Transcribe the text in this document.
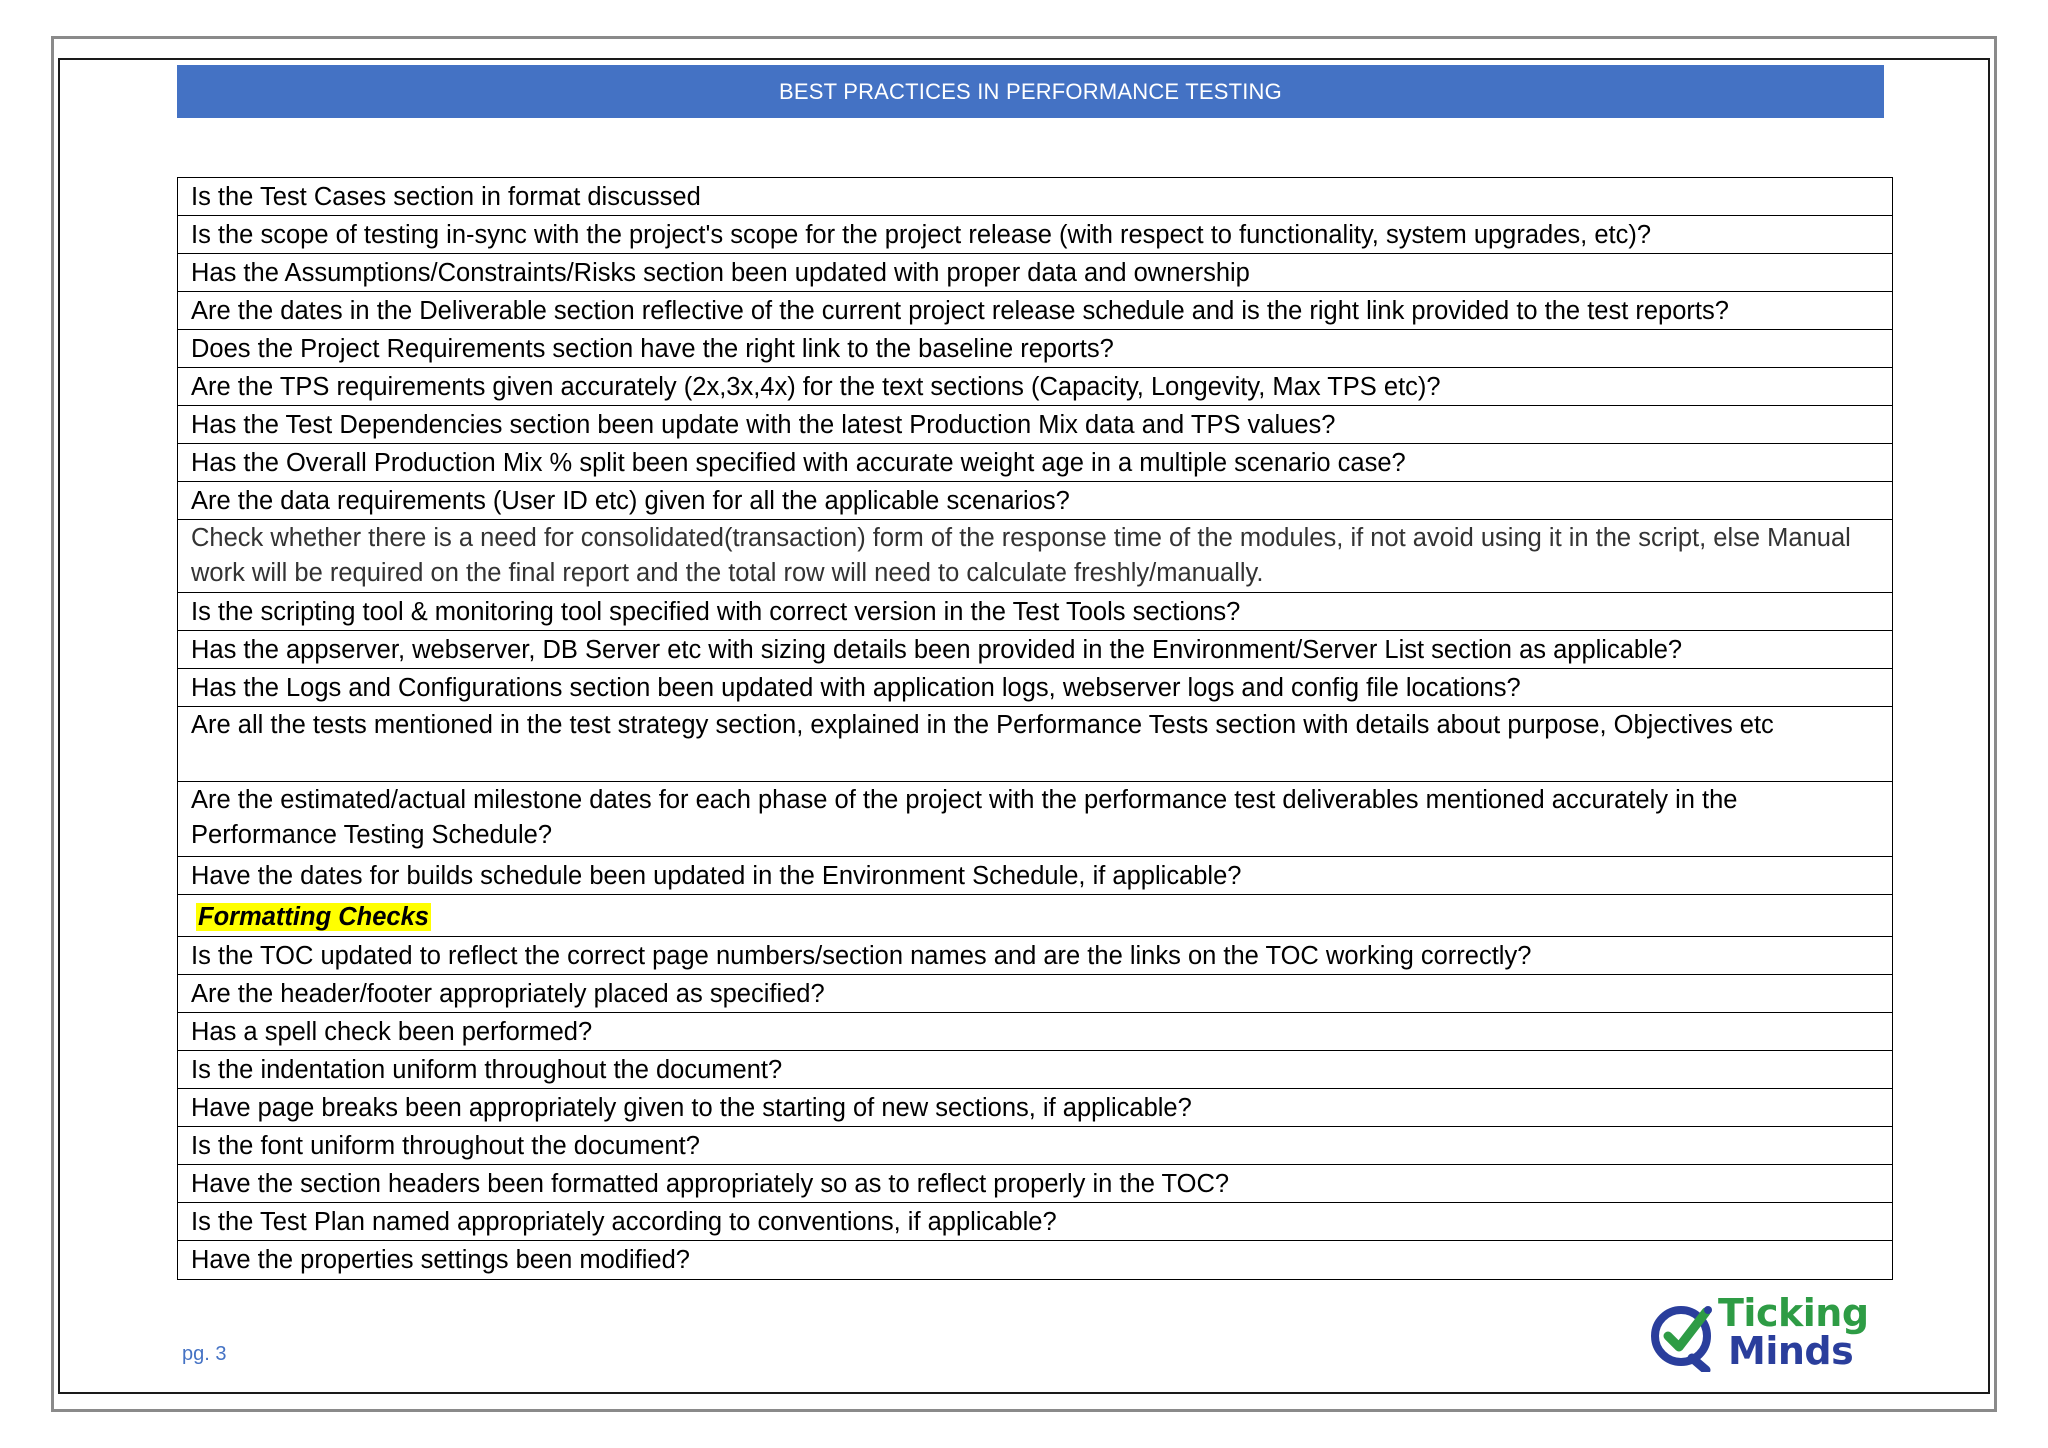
BEST PRACTICES IN PERFORMANCE TESTING
Is the Test Cases section in format discussed
Is the scope of testing in-sync with the project's scope for the project release (with respect to functionality, system upgrades, etc)?
Has the Assumptions/Constraints/Risks section been updated with proper data and ownership
Are the dates in the Deliverable section reflective of the current project release schedule and is the right link provided to the test reports?
Does the Project Requirements section have the right link to the baseline reports?
Are the TPS requirements given accurately (2x,3x,4x) for the text sections (Capacity, Longevity, Max TPS etc)?
Has the Test Dependencies section been update with the latest Production Mix data and TPS values?
Has the Overall Production Mix % split been specified with accurate weight age in a multiple scenario case?
Are the data requirements (User ID etc) given for all the applicable scenarios?
Check whether there is a need for consolidated(transaction) form of the response time of the modules, if not avoid using it in the script, else Manual work will be required on the final report and the total row will need to calculate freshly/manually.
Is the scripting tool & monitoring tool specified with correct version in the Test Tools sections?
Has the appserver, webserver, DB Server etc with sizing details been provided in the Environment/Server List section as applicable?
Has the Logs and Configurations section been updated with application logs, webserver logs and config file locations?
Are all the tests mentioned in the test strategy section, explained in the Performance Tests section with details about purpose, Objectives etc
Are the estimated/actual milestone dates for each phase of the project with the performance test deliverables mentioned accurately in the Performance Testing Schedule?
Have the dates for builds schedule been updated in the Environment Schedule, if applicable?
Formatting Checks
Is the TOC updated to reflect the correct page numbers/section names and are the links on the TOC working correctly?
Are the header/footer appropriately placed as specified?
Has a spell check been performed?
Is the indentation uniform throughout the document?
Have page breaks been appropriately given to the starting of new sections, if applicable?
Is the font uniform throughout the document?
Have the section headers been formatted appropriately so as to reflect properly in the TOC?
Is the Test Plan named appropriately according to conventions, if applicable?
Have the properties settings been modified?
pg. 3
Ticking
Minds
